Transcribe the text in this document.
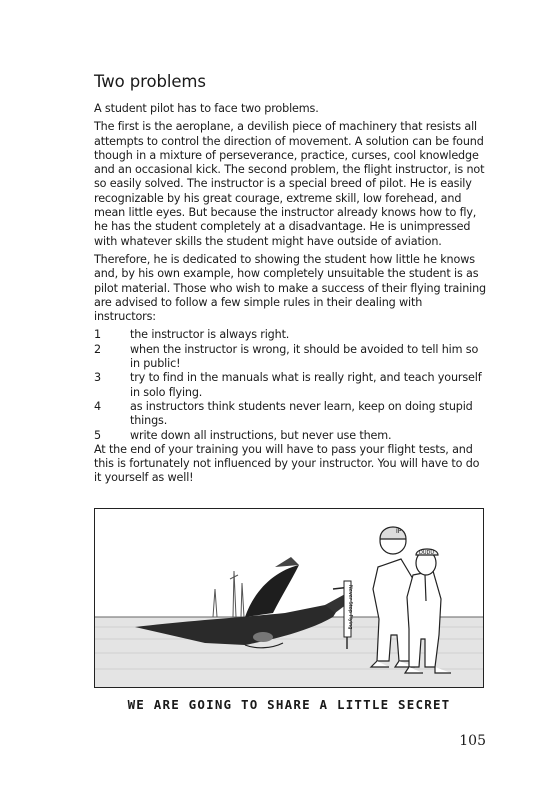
Two problems

A student pilot has to face two problems.

The first is the aeroplane, a devilish piece of machinery that resists all attempts to control the direction of movement. A solution can be found though in a mixture of perseverance, practice, curses, cool knowledge and an occasional kick. The second problem, the flight instructor, is not so easily solved. The instructor is a special breed of pilot. He is easily recognizable by his great courage, extreme skill, low forehead, and mean little eyes. But because the instructor already knows how to fly, he has the student completely at a disadvantage. He is unimpressed with whatever skills the student might have outside of aviation.

Therefore, he is dedicated to showing the student how little he knows and, by his own example, how completely unsuitable the student is as pilot material. Those who wish to make a success of their flying training are advised to follow a few simple rules in their dealing with instructors:

1	the instructor is always right.
2	when the instructor is wrong, it should be avoided to tell him so in public!
3	try to find in the manuals what is really right, and teach yourself in solo flying.
4	as instructors think students never learn, keep on doing stupid things.
5	write down all instructions, but never use them.

At the end of your training you will have to pass your flight tests, and this is fortunately not influenced by your instructor. You will have to do it yourself as well!

Never Stop Flying
IP
DUDU
WE ARE GOING TO SHARE A LITTLE SECRET
105
